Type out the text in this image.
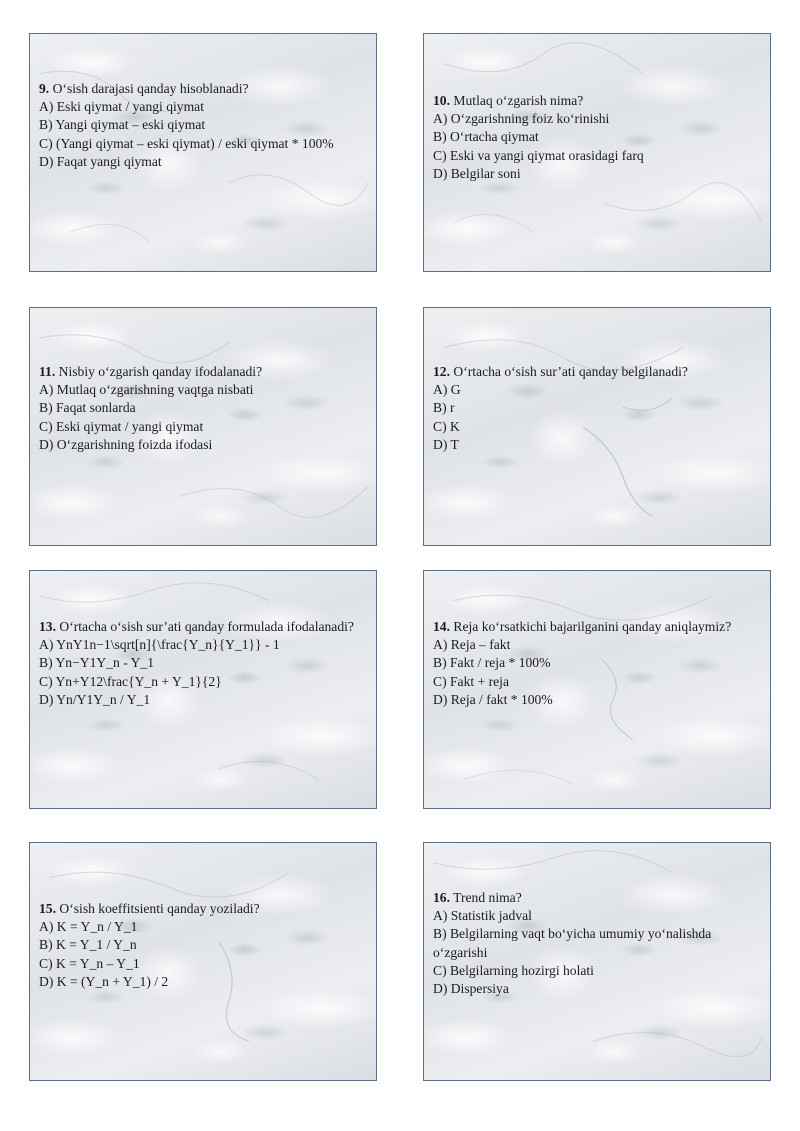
9. O‘sish darajasi qanday hisoblanadi?
A) Eski qiymat / yangi qiymat
B) Yangi qiymat – eski qiymat
C) (Yangi qiymat – eski qiymat) / eski qiymat * 100%
D) Faqat yangi qiymat
10. Mutlaq o‘zgarish nima?
A) O‘zgarishning foiz ko‘rinishi
B) O‘rtacha qiymat
C) Eski va yangi qiymat orasidagi farq
D) Belgilar soni
11. Nisbiy o‘zgarish qanday ifodalanadi?
A) Mutlaq o‘zgarishning vaqtga nisbati
B) Faqat sonlarda
C) Eski qiymat / yangi qiymat
D) O‘zgarishning foizda ifodasi
12. O‘rtacha o‘sish sur’ati qanday belgilanadi?
A) G
B) r
C) K
D) T
13. O‘rtacha o‘sish sur’ati qanday formulada ifodalanadi?
A) YnY1n−1\sqrt[n]{\frac{Y_n}{Y_1}} - 1
B) Yn−Y1Y_n - Y_1
C) Yn+Y12\frac{Y_n + Y_1}{2}
D) Yn/Y1Y_n / Y_1
14. Reja ko‘rsatkichi bajarilganini qanday aniqlaymiz?
A) Reja – fakt
B) Fakt / reja * 100%
C) Fakt + reja
D) Reja / fakt * 100%
15. O‘sish koeffitsienti qanday yoziladi?
A) K = Y_n / Y_1
B) K = Y_1 / Y_n
C) K = Y_n – Y_1
D) K = (Y_n + Y_1) / 2
16. Trend nima?
A) Statistik jadval
B) Belgilarning vaqt bo‘yicha umumiy yo‘nalishda o‘zgarishi
C) Belgilarning hozirgi holati
D) Dispersiya
